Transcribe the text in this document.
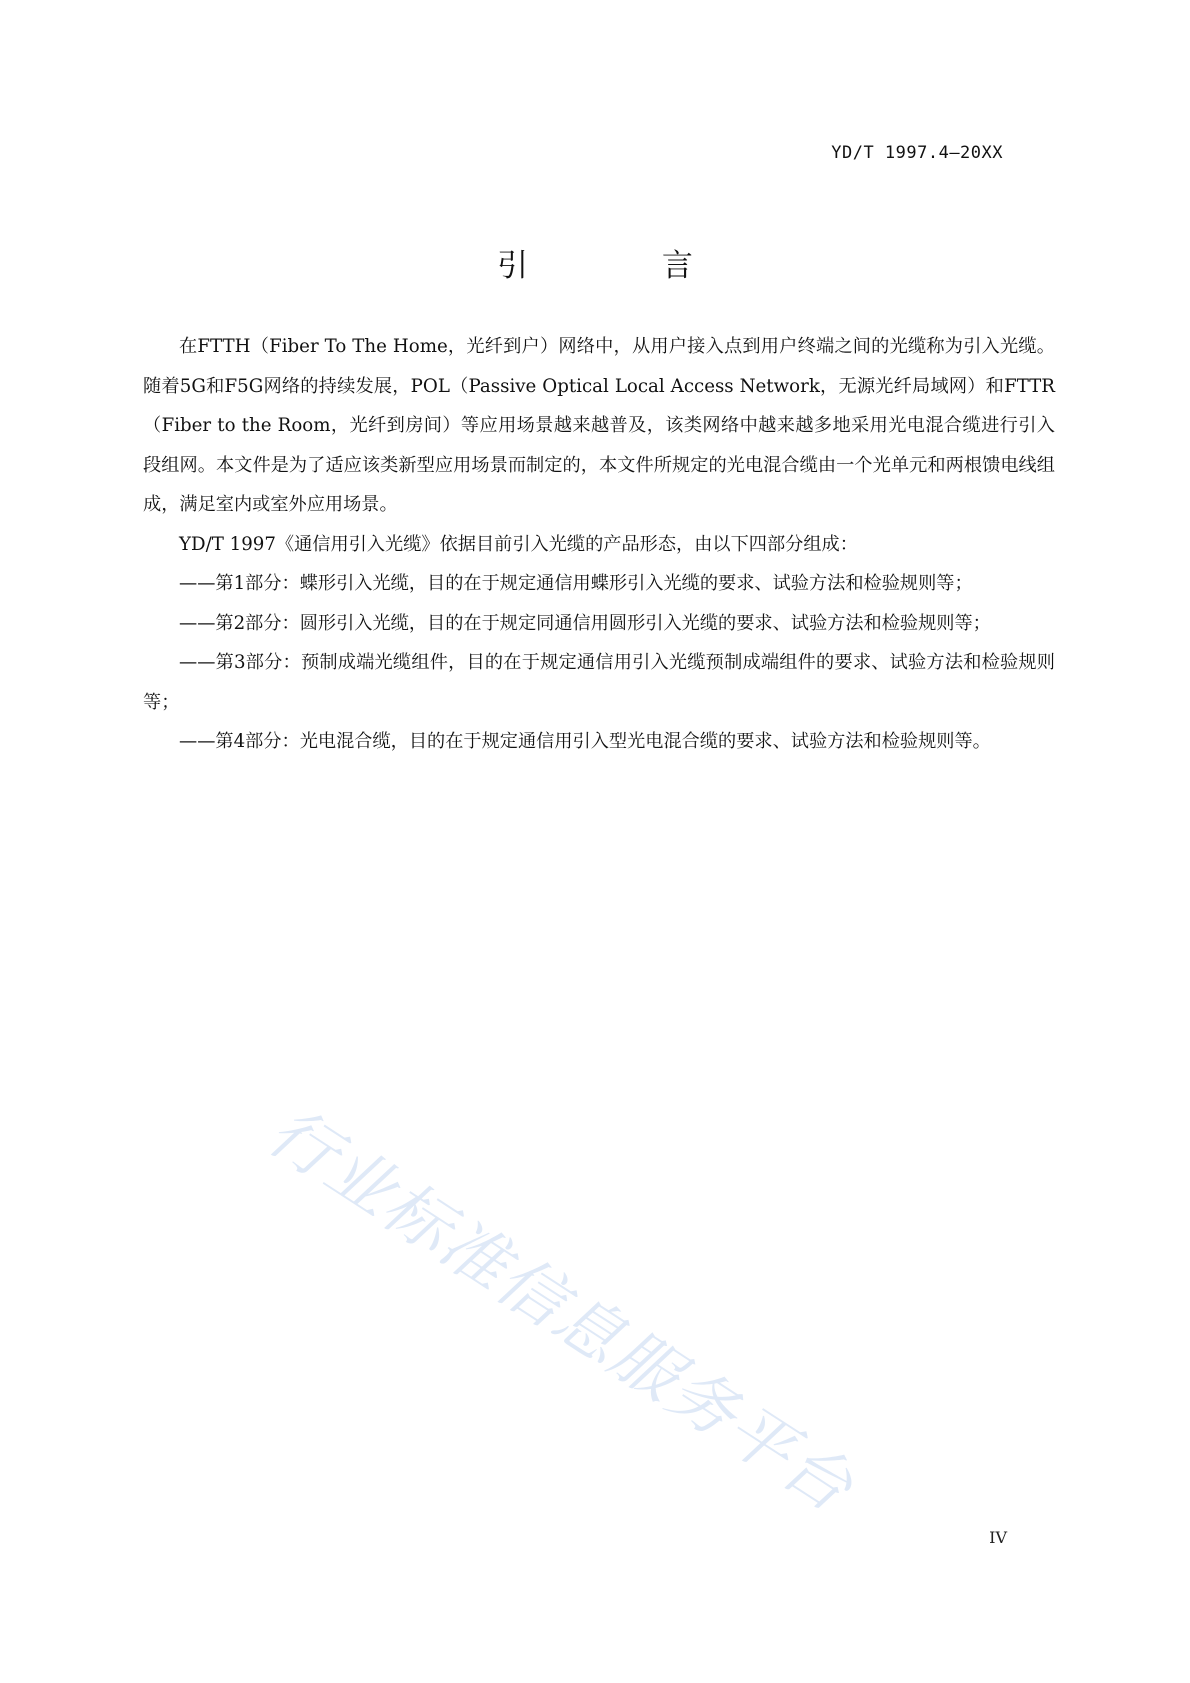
YD/T 1997.4—20XX
引 言

在FTTH（Fiber To The Home，光纤到户）网络中，从用户接入点到用户终端之间的光缆称为引入光缆。随着5G和F5G网络的持续发展，POL（Passive Optical Local Access Network，无源光纤局域网）和FTTR（Fiber to the Room，光纤到房间）等应用场景越来越普及，该类网络中越来越多地采用光电混合缆进行引入段组网。本文件是为了适应该类新型应用场景而制定的，本文件所规定的光电混合缆由一个光单元和两根馈电线组成，满足室内或室外应用场景。

YD/T 1997《通信用引入光缆》依据目前引入光缆的产品形态，由以下四部分组成：

——第1部分：蝶形引入光缆，目的在于规定通信用蝶形引入光缆的要求、试验方法和检验规则等；

——第2部分：圆形引入光缆，目的在于规定同通信用圆形引入光缆的要求、试验方法和检验规则等；

——第3部分：预制成端光缆组件，目的在于规定通信用引入光缆预制成端组件的要求、试验方法和检验规则等；

——第4部分：光电混合缆，目的在于规定通信用引入型光电混合缆的要求、试验方法和检验规则等。

行业标准信息服务平台
IV
